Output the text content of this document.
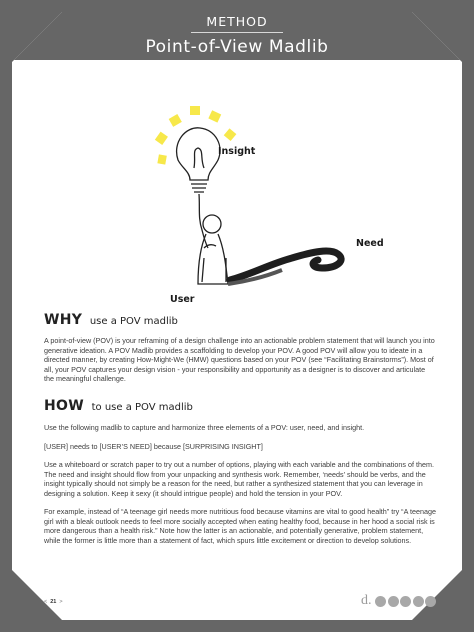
METHOD
Point-of-View Madlib
Insight
Need
User
WHY use a POV madlib

A point-of-view (POV) is your reframing of a design challenge into an actionable problem statement that will launch you into generative ideation. A POV Madlib provides a scaffolding to develop your POV. A good POV will allow you to ideate in a directed manner, by creating How-Might-We (HMW) questions based on your POV (see “Facilitating Brainstorms”). Most of all, your POV captures your design vision - your responsibility and opportunity as a designer is to discover and articulate the meaningful challenge.

HOW to use a POV madlib

Use the following madlib to capture and harmonize three elements of a POV: user, need, and insight.

[USER] needs to [USER’S NEED] because [SURPRISING INSIGHT]

Use a whiteboard or scratch paper to try out a number of options, playing with each variable and the combinations of them. The need and insight should flow from your unpacking and synthesis work. Remember, ‘needs’ should be verbs, and the insight typically should not simply be a reason for the need, but rather a synthesized statement that you can leverage in designing a solution. Keep it sexy (it should intrigue people) and hold the tension in your POV.

For example, instead of “A teenage girl needs more nutritious food because vitamins are vital to good health” try “A teenage girl with a bleak outlook needs to feel more socially accepted when eating healthy food, because in her hood a social risk is more dangerous than a health risk.” Note how the latter is an actionable, and potentially generative, problem statement, while the former is little more than a statement of fact, which spurs little excitement or direction to develop solutions.

< 21 >	d.
